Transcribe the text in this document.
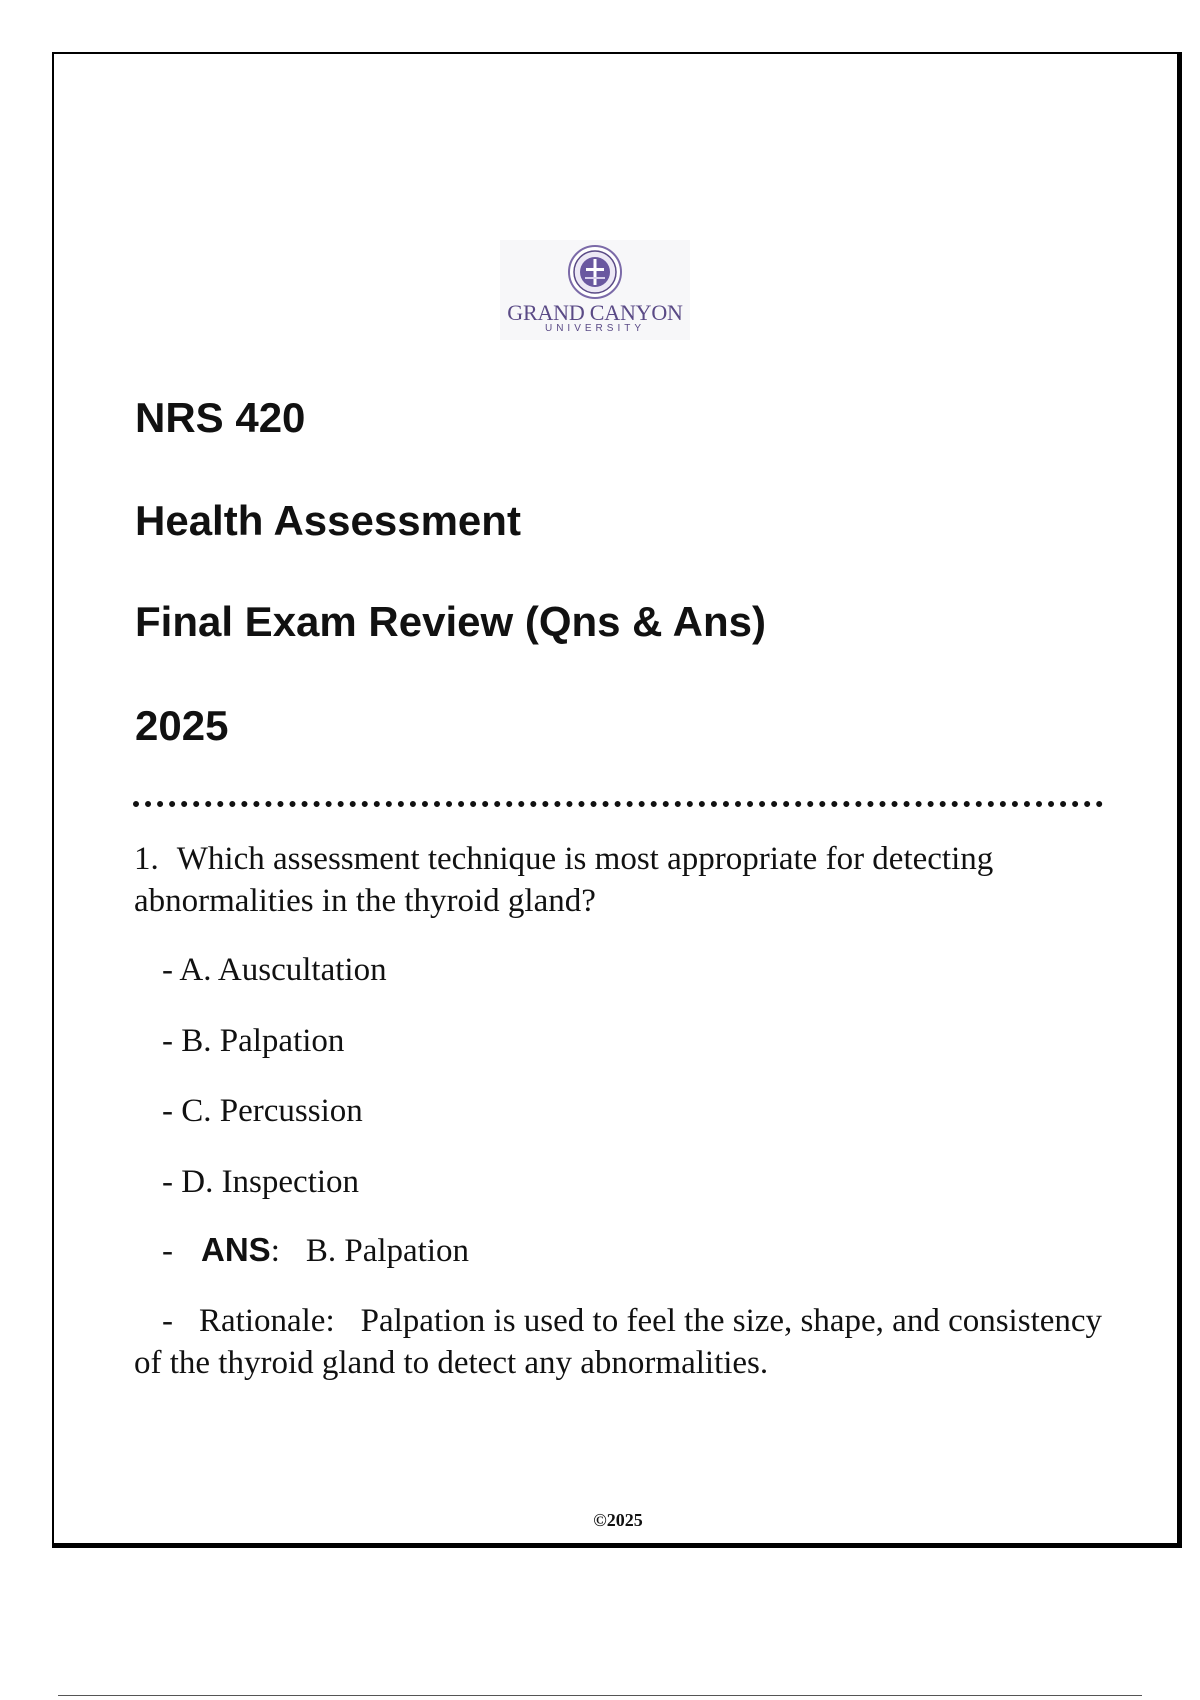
GRAND CANYON
UNIVERSITY
NRS 420
Health Assessment
Final Exam Review (Qns & Ans)
2025
1. Which assessment technique is most appropriate for detecting abnormalities in the thyroid gland?
- A. Auscultation
- B. Palpation
- C. Percussion
- D. Inspection
- ANS: B. Palpation
- Rationale: Palpation is used to feel the size, shape, and consistency of the thyroid gland to detect any abnormalities.
©2025
